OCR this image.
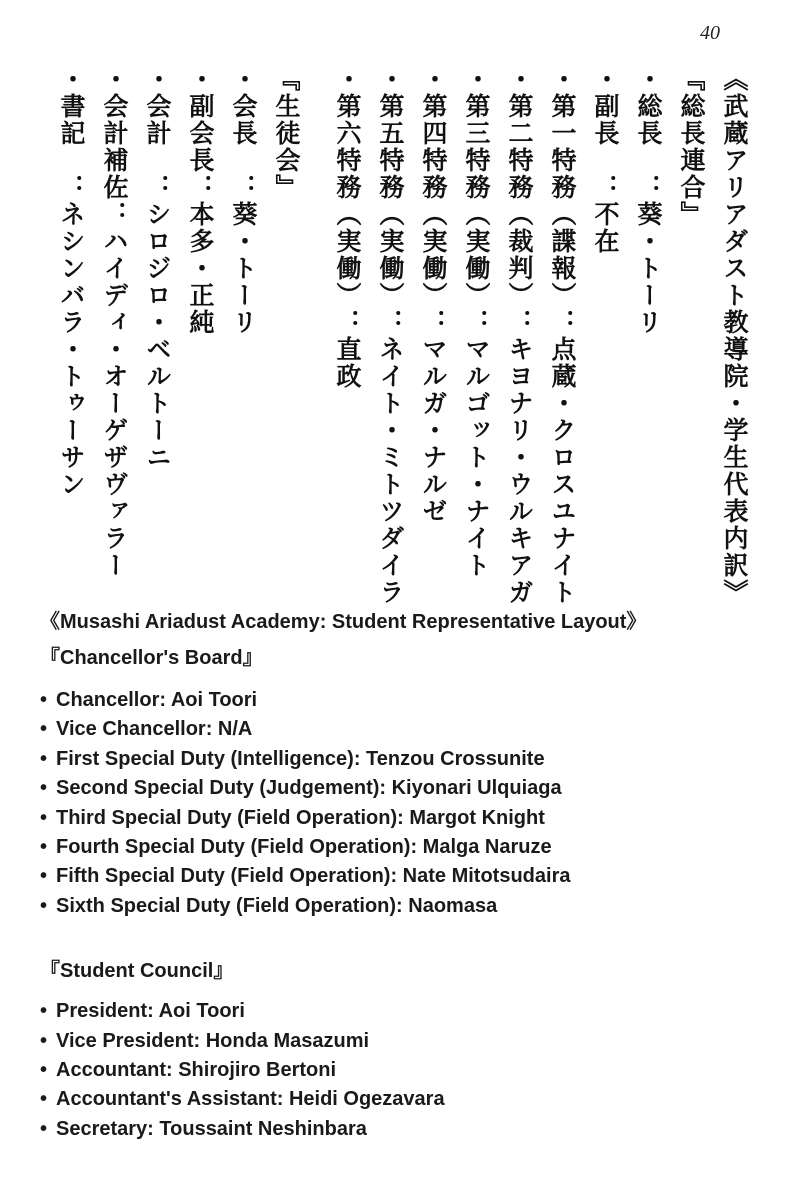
40
《武蔵アリアダスト教導院・学生代表内訳》
『総長連合』
・総長　：葵・トーリ
・副長　：不在
・第一特務（諜報）：点蔵・クロスユナイト
・第二特務（裁判）：キヨナリ・ウルキアガ
・第三特務（実働）：マルゴット・ナイト
・第四特務（実働）：マルガ・ナルゼ
・第五特務（実働）：ネイト・ミトツダイラ
・第六特務（実働）：直政
『生徒会』
・会長　：葵・トーリ
・副会長：本多・正純
・会計　：シロジロ・ベルトーニ
・会計補佐：ハイディ・オーゲザヴァラー
・書記　：ネシンバラ・トゥーサン

《Musashi Ariadust Academy: Student Representative Layout》

『Chancellor's Board』

• Chancellor: Aoi Toori
• Vice Chancellor: N/A
• First Special Duty (Intelligence): Tenzou Crossunite
• Second Special Duty (Judgement): Kiyonari Ulquiaga
• Third Special Duty (Field Operation): Margot Knight
• Fourth Special Duty (Field Operation): Malga Naruze
• Fifth Special Duty (Field Operation): Nate Mitotsudaira
• Sixth Special Duty (Field Operation): Naomasa

『Student Council』

• President: Aoi Toori
• Vice President: Honda Masazumi
• Accountant: Shirojiro Bertoni
• Accountant's Assistant: Heidi Ogezavara
• Secretary: Toussaint Neshinbara
